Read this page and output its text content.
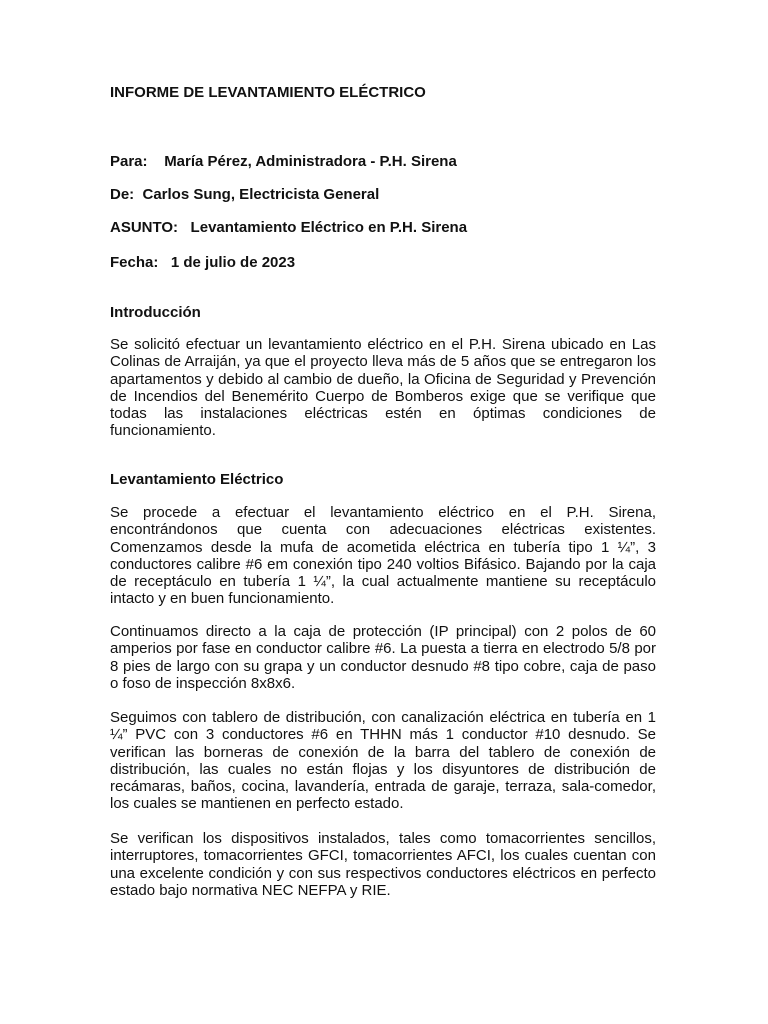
INFORME DE LEVANTAMIENTO ELÉCTRICO
Para:    María Pérez, Administradora - P.H. Sirena
De:  Carlos Sung, Electricista General
ASUNTO:   Levantamiento Eléctrico en P.H. Sirena
Fecha:   1 de julio de 2023
Introducción
Se solicitó efectuar un levantamiento eléctrico en el P.H. Sirena ubicado en Las Colinas de Arraiján, ya que el proyecto lleva más de 5 años que se entregaron los apartamentos y debido al cambio de dueño, la Oficina de Seguridad y Prevención de Incendios del Benemérito Cuerpo de Bomberos exige que se verifique que todas las instalaciones eléctricas estén en óptimas condiciones de funcionamiento.
Levantamiento Eléctrico
Se procede a efectuar el levantamiento eléctrico en el P.H. Sirena, encontrándonos que cuenta con adecuaciones eléctricas existentes. Comenzamos desde la mufa de acometida eléctrica en tubería tipo 1 ¼”, 3 conductores calibre #6 em conexión tipo 240 voltios Bifásico. Bajando por la caja de receptáculo en tubería 1 ¼”, la cual actualmente mantiene su receptáculo intacto y en buen funcionamiento.
Continuamos directo a la caja de protección (IP principal) con 2 polos de 60 amperios por fase en conductor calibre #6. La puesta a tierra en electrodo 5/8 por 8 pies de largo con su grapa y un conductor desnudo #8 tipo cobre, caja de paso o foso de inspección 8x8x6.
Seguimos con tablero de distribución, con canalización eléctrica en tubería en 1 ¼” PVC con 3 conductores #6 en THHN más 1 conductor #10 desnudo. Se verifican las borneras de conexión de la barra del tablero de conexión de distribución, las cuales no están flojas y los disyuntores de distribución de recámaras, baños, cocina, lavandería, entrada de garaje, terraza, sala-comedor, los cuales se mantienen en perfecto estado.
Se verifican los dispositivos instalados, tales como tomacorrientes sencillos, interruptores, tomacorrientes GFCI, tomacorrientes AFCI, los cuales cuentan con una excelente condición y con sus respectivos conductores eléctricos en perfecto estado bajo normativa NEC NEFPA y RIE.
